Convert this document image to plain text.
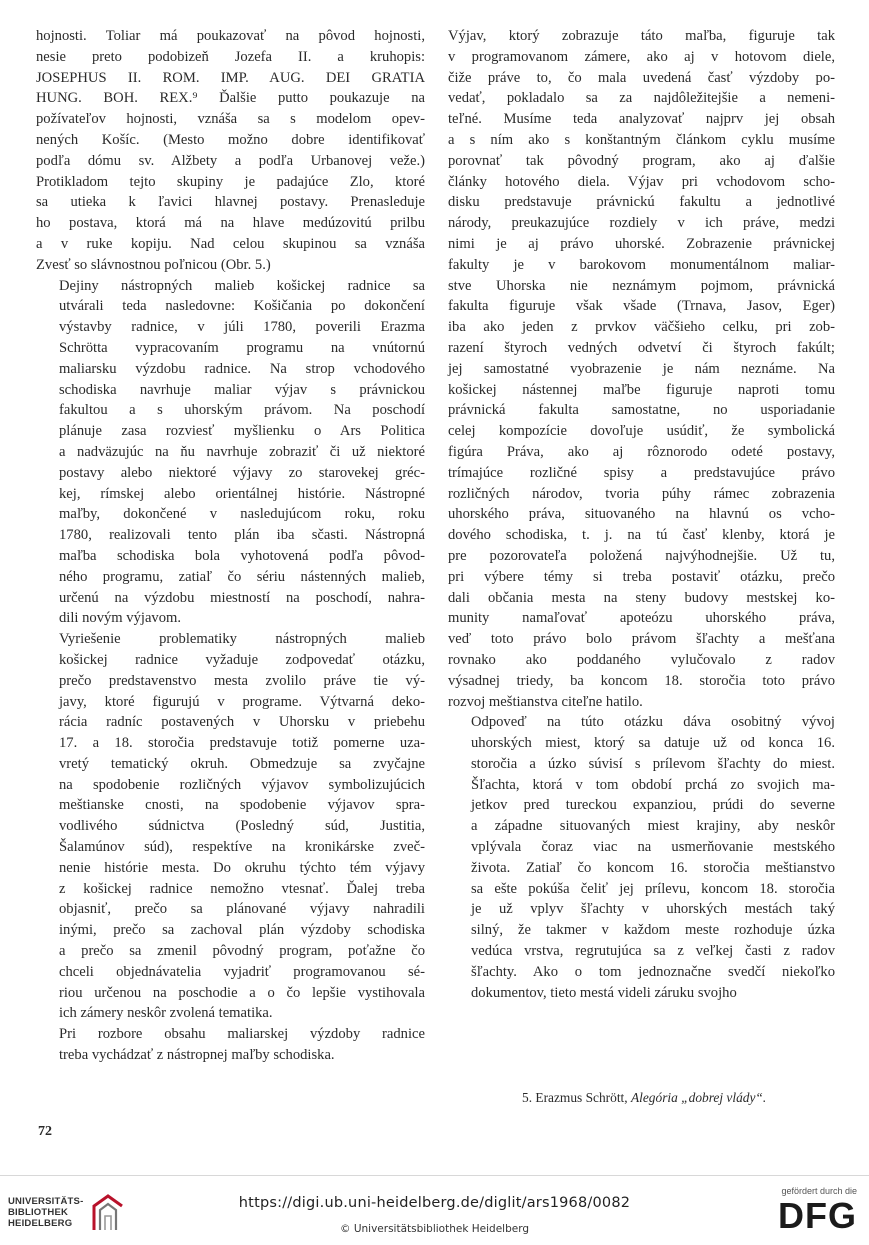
hojnosti. Toliar má poukazovať na pôvod hojnosti,
nesie preto podobizeň Jozefa II. a kruhopis:
JOSEPHUS II. ROM. IMP. AUG. DEI GRATIA
HUNG. BOH. REX.⁹ Ďalšie putto poukazuje na
požívateľov hojnosti, vznáša sa s modelom opev-
nených Košíc. (Mesto možno dobre identifikovať
podľa dómu sv. Alžbety a podľa Urbanovej veže.)
Protikladom tejto skupiny je padajúce Zlo, ktoré
sa utieka k ľavici hlavnej postavy. Prenasleduje
ho postava, ktorá má na hlave medúzovitú prilbu
a v ruke kopiju. Nad celou skupinou sa vznáša
Zvesť so slávnostnou poľnicou (Obr. 5.)

Dejiny nástropných malieb košickej radnice sa
utvárali teda nasledovne: Košičania po dokončení
výstavby radnice, v júli 1780, poverili Erazma
Schrötta vypracovaním programu na vnútornú
maliarsku výzdobu radnice. Na strop vchodového
schodiska navrhuje maliar výjav s právnickou
fakultou a s uhorským právom. Na poschodí
plánuje zasa rozviesť myšlienku o Ars Politica
a nadväzujúc na ňu navrhuje zobraziť či už niektoré
postavy alebo niektoré výjavy zo starovekej gréc-
kej, rímskej alebo orientálnej histórie. Nástropné
maľby, dokončené v nasledujúcom roku, roku
1780, realizovali tento plán iba sčasti. Nástropná
maľba schodiska bola vyhotovená podľa pôvod-
ného programu, zatiaľ čo sériu nástenných malieb,
určenú na výzdobu miestností na poschodí, nahra-
dili novým výjavom.

Vyriešenie problematiky nástropných malieb
košickej radnice vyžaduje zodpovedať otázku,
prečo predstavenstvo mesta zvolilo práve tie vý-
javy, ktoré figurujú v programe. Výtvarná deko-
rácia radníc postavených v Uhorsku v priebehu
17. a 18. storočia predstavuje totiž pomerne uza-
vretý tematický okruh. Obmedzuje sa zvyčajne
na spodobenie rozličných výjavov symbolizujúcich
meštianske cnosti, na spodobenie výjavov spra-
vodlivého súdnictva (Posledný súd, Justitia,
Šalamúnov súd), respektíve na kronikárske zveč-
nenie histórie mesta. Do okruhu týchto tém výjavy
z košickej radnice nemožno vtesnať. Ďalej treba
objasniť, prečo sa plánované výjavy nahradili
inými, prečo sa zachoval plán výzdoby schodiska
a prečo sa zmenil pôvodný program, poťažne čo
chceli objednávatelia vyjadriť programovanou sé-
riou určenou na poschodie a o čo lepšie vystihovala
ich zámery neskôr zvolená tematika.

Pri rozbore obsahu maliarskej výzdoby radnice
treba vychádzať z nástropnej maľby schodiska.

Výjav, ktorý zobrazuje táto maľba, figuruje tak
v programovanom zámere, ako aj v hotovom diele,
čiže práve to, čo mala uvedená časť výzdoby po-
vedať, pokladalo sa za najdôležitejšie a nemeni-
teľné. Musíme teda analyzovať najprv jej obsah
a s ním ako s konštantným článkom cyklu musíme
porovnať tak pôvodný program, ako aj ďalšie
články hotového diela. Výjav pri vchodovom scho-
disku predstavuje právnickú fakultu a jednotlivé
národy, preukazujúce rozdiely v ich práve, medzi
nimi je aj právo uhorské. Zobrazenie právnickej
fakulty je v barokovom monumentálnom maliar-
stve Uhorska nie neznámym pojmom, právnická
fakulta figuruje však všade (Trnava, Jasov, Eger)
iba ako jeden z prvkov väčšieho celku, pri zob-
razení štyroch vedných odvetví či štyroch fakúlt;
jej samostatné vyobrazenie je nám neznáme. Na
košickej nástennej maľbe figuruje naproti tomu
právnická fakulta samostatne, no usporiadanie
celej kompozície dovoľuje usúdiť, že symbolická
figúra Práva, ako aj rôznorodo odeté postavy,
trímajúce rozličné spisy a predstavujúce právo
rozličných národov, tvoria púhy rámec zobrazenia
uhorského práva, situovaného na hlavnú os vcho-
dového schodiska, t. j. na tú časť klenby, ktorá je
pre pozorovateľa položená najvýhodnejšie. Už tu,
pri výbere témy si treba postaviť otázku, prečo
dali občania mesta na steny budovy mestskej ko-
munity namaľovať apoteózu uhorského práva,
veď toto právo bolo právom šľachty a mešťana
rovnako ako poddaného vylučovalo z radov
výsadnej triedy, ba koncom 18. storočia toto právo
rozvoj meštianstva citeľne hatilo.

Odpoveď na túto otázku dáva osobitný vývoj
uhorských miest, ktorý sa datuje už od konca 16.
storočia a úzko súvisí s prílevom šľachty do miest.
Šľachta, ktorá v tom období prchá zo svojich ma-
jetkov pred tureckou expanziou, prúdi do severne
a západne situovaných miest krajiny, aby neskôr
vplývala čoraz viac na usmerňovanie mestského
života. Zatiaľ čo koncom 16. storočia meštianstvo
sa ešte pokúša čeliť jej prílevu, koncom 18. storočia
je už vplyv šľachty v uhorských mestách taký
silný, že takmer v každom meste rozhoduje úzka
vedúca vrstva, regrutujúca sa z veľkej časti z radov
šľachty. Ako o tom jednoznačne svedčí niekoľko
dokumentov, tieto mestá videli záruku svojho

5. Erazmus Schrött, Alegória „dobrej vlády“.
72
UNIVERSITÄTS-
BIBLIOTHEK
HEIDELBERG
https://digi.ub.uni-heidelberg.de/diglit/ars1968/0082
© Universitätsbibliothek Heidelberg
gefördert durch die
DFG
